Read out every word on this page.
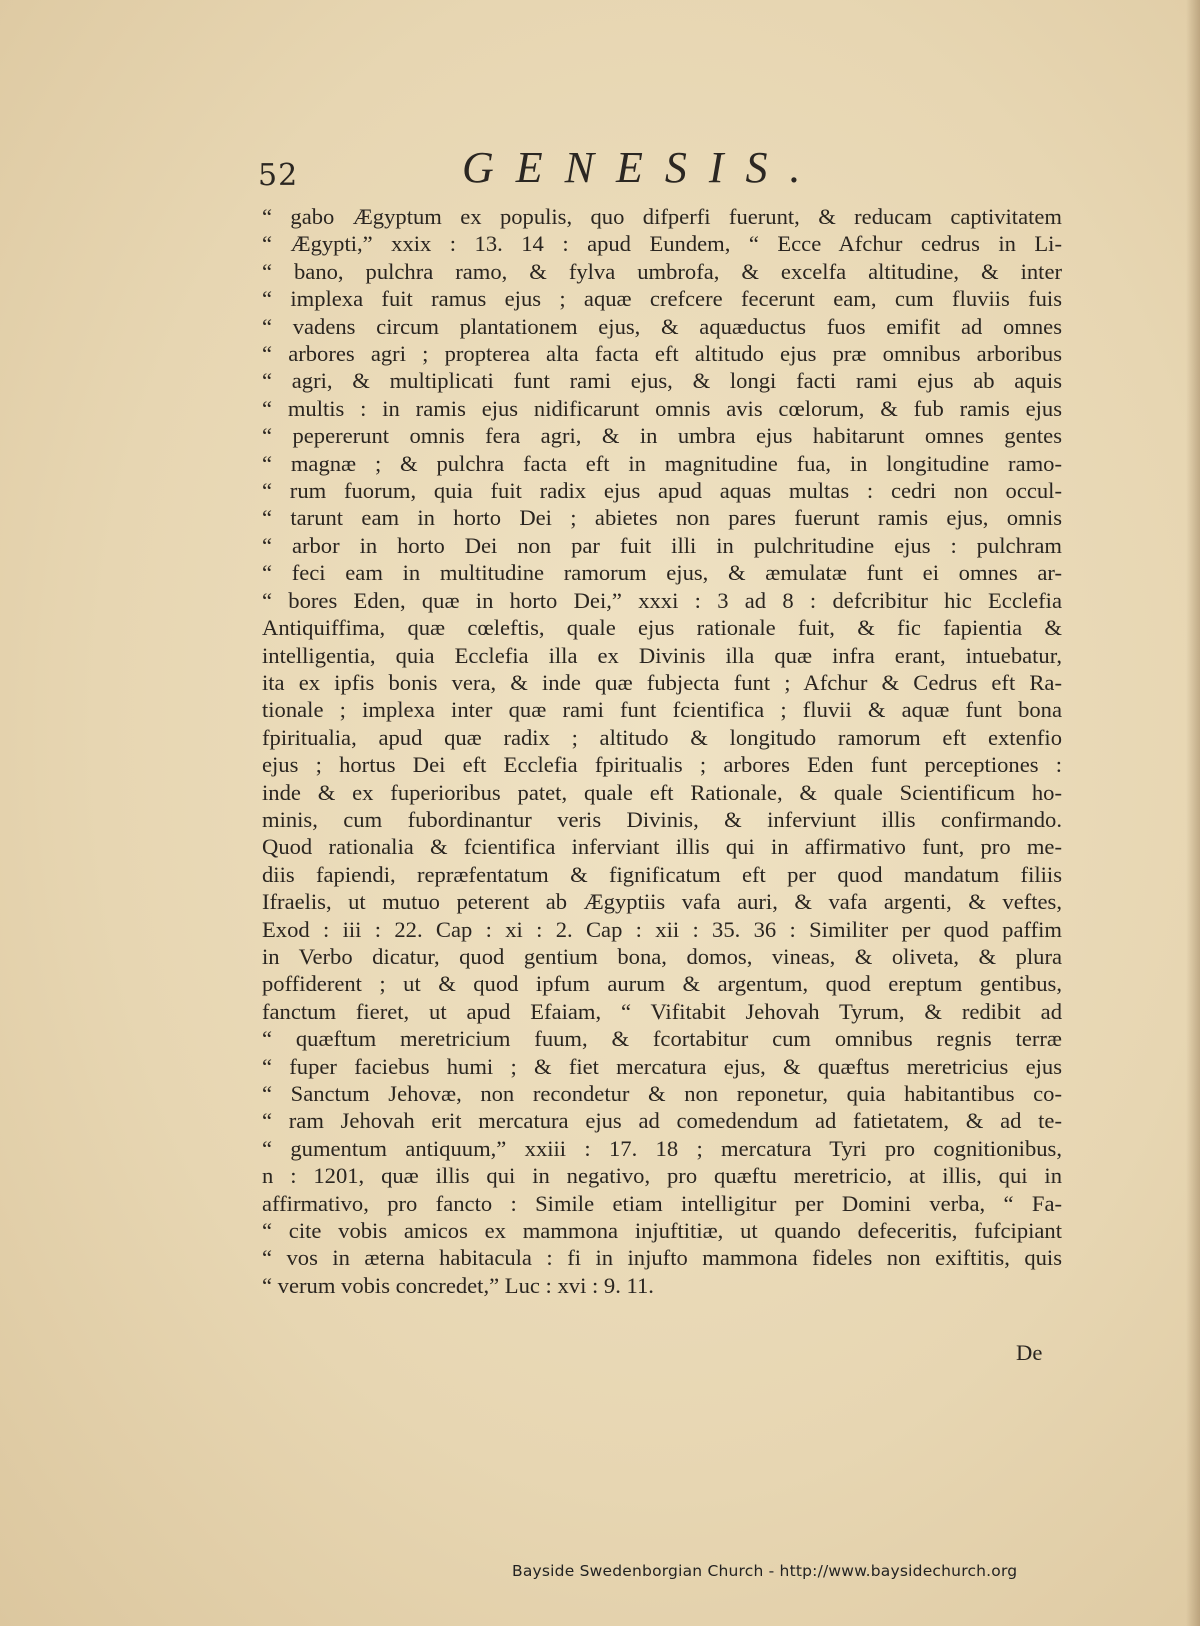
52	GENESIS.
“ gabo Ægyptum ex populis, quo difperfi fuerunt, & reducam captivitatem
“ Ægypti,” xxix : 13. 14 : apud Eundem, “ Ecce Afchur cedrus in Li-
“ bano, pulchra ramo, & fylva umbrofa, & excelfa altitudine, & inter
“ implexa fuit ramus ejus ; aquæ crefcere fecerunt eam, cum fluviis fuis
“ vadens circum plantationem ejus, & aquæductus fuos emifit ad omnes
“ arbores agri ; propterea alta facta eft altitudo ejus præ omnibus arboribus
“ agri, & multiplicati funt rami ejus, & longi facti rami ejus ab aquis
“ multis : in ramis ejus nidificarunt omnis avis cœlorum, & fub ramis ejus
“ pepererunt omnis fera agri, & in umbra ejus habitarunt omnes gentes
“ magnæ ; & pulchra facta eft in magnitudine fua, in longitudine ramo-
“ rum fuorum, quia fuit radix ejus apud aquas multas : cedri non occul-
“ tarunt eam in horto Dei ; abietes non pares fuerunt ramis ejus, omnis
“ arbor in horto Dei non par fuit illi in pulchritudine ejus : pulchram
“ feci eam in multitudine ramorum ejus, & æmulatæ funt ei omnes ar-
“ bores Eden, quæ in horto Dei,” xxxi : 3 ad 8 : defcribitur hic Ecclefia
Antiquiffima, quæ cœleftis, quale ejus rationale fuit, & fic fapientia &
intelligentia, quia Ecclefia illa ex Divinis illa quæ infra erant, intuebatur,
ita ex ipfis bonis vera, & inde quæ fubjecta funt ; Afchur & Cedrus eft Ra-
tionale ; implexa inter quæ rami funt fcientifica ; fluvii & aquæ funt bona
fpiritualia, apud quæ radix ; altitudo & longitudo ramorum eft extenfio
ejus ; hortus Dei eft Ecclefia fpiritualis ; arbores Eden funt perceptiones :
inde & ex fuperioribus patet, quale eft Rationale, & quale Scientificum ho-
minis, cum fubordinantur veris Divinis, & inferviunt illis confirmando.
Quod rationalia & fcientifica inferviant illis qui in affirmativo funt, pro me-
diis fapiendi, repræfentatum & fignificatum eft per quod mandatum filiis
Ifraelis, ut mutuo peterent ab Ægyptiis vafa auri, & vafa argenti, & veftes,
Exod : iii : 22. Cap : xi : 2. Cap : xii : 35. 36 : Similiter per quod paffim
in Verbo dicatur, quod gentium bona, domos, vineas, & oliveta, & plura
poffiderent ; ut & quod ipfum aurum & argentum, quod ereptum gentibus,
fanctum fieret, ut apud Efaiam, “ Vifitabit Jehovah Tyrum, & redibit ad
“ quæftum meretricium fuum, & fcortabitur cum omnibus regnis terræ
“ fuper faciebus humi ; & fiet mercatura ejus, & quæftus meretricius ejus
“ Sanctum Jehovæ, non recondetur & non reponetur, quia habitantibus co-
“ ram Jehovah erit mercatura ejus ad comedendum ad fatietatem, & ad te-
“ gumentum antiquum,” xxiii : 17. 18 ; mercatura Tyri pro cognitionibus,
n : 1201, quæ illis qui in negativo, pro quæftu meretricio, at illis, qui in
affirmativo, pro fancto : Simile etiam intelligitur per Domini verba, “ Fa-
“ cite vobis amicos ex mammona injuftitiæ, ut quando defeceritis, fufcipiant
“ vos in æterna habitacula : fi in injufto mammona fideles non exiftitis, quis
“ verum vobis concredet,” Luc : xvi : 9. 11.
De
Bayside Swedenborgian Church - http://www.baysidechurch.org
